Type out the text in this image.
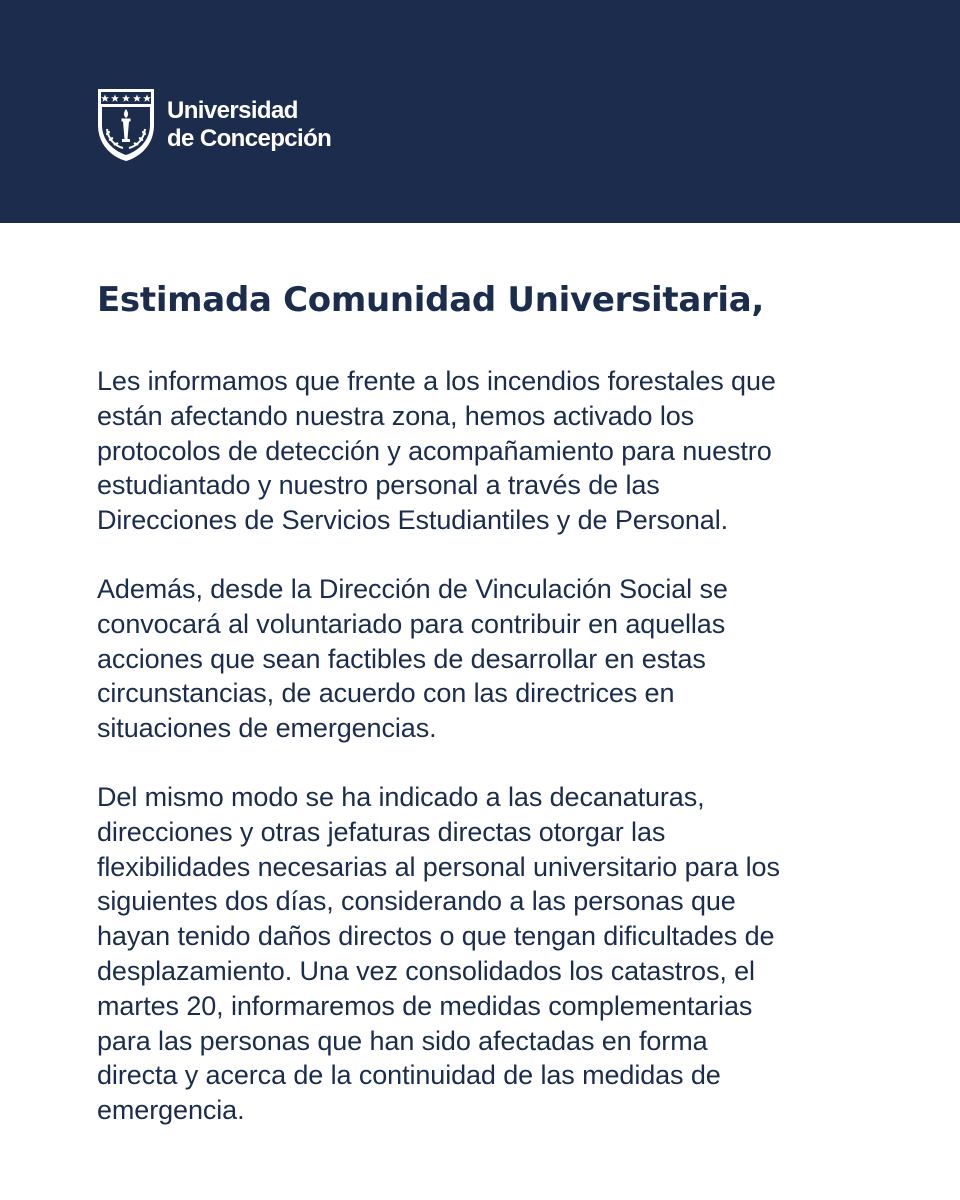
Universidad
de Concepción
Estimada Comunidad Universitaria,

Les informamos que frente a los incendios forestales que
están afectando nuestra zona, hemos activado los
protocolos de detección y acompañamiento para nuestro
estudiantado y nuestro personal a través de las
Direcciones de Servicios Estudiantiles y de Personal.

Además, desde la Dirección de Vinculación Social se
convocará al voluntariado para contribuir en aquellas
acciones que sean factibles de desarrollar en estas
circunstancias, de acuerdo con las directrices en
situaciones de emergencias.

Del mismo modo se ha indicado a las decanaturas,
direcciones y otras jefaturas directas otorgar las
flexibilidades necesarias al personal universitario para los
siguientes dos días, considerando a las personas que
hayan tenido daños directos o que tengan dificultades de
desplazamiento. Una vez consolidados los catastros, el
martes 20, informaremos de medidas complementarias
para las personas que han sido afectadas en forma
directa y acerca de la continuidad de las medidas de
emergencia.
